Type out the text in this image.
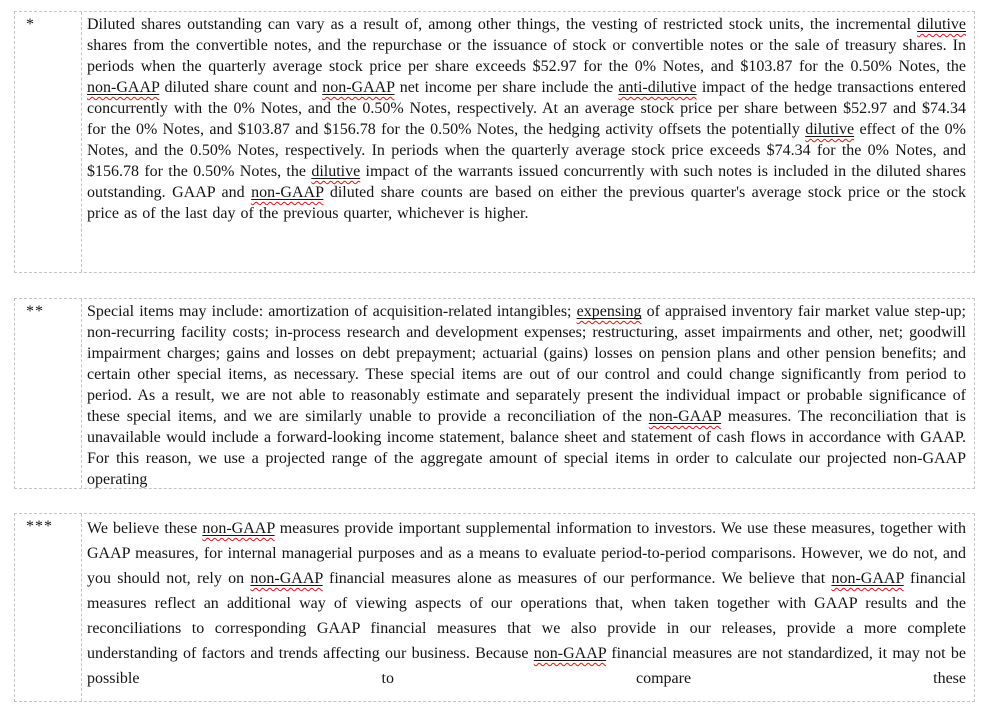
*	Diluted shares outstanding can vary as a result of, among other things, the vesting of restricted stock units, the incremental dilutive shares from the convertible notes, and the repurchase or the issuance of stock or convertible notes or the sale of treasury shares. In periods when the quarterly average stock price per share exceeds $52.97 for the 0% Notes, and $103.87 for the 0.50% Notes, the non-GAAP diluted share count and non-GAAP net income per share include the anti-dilutive impact of the hedge transactions entered concurrently with the 0% Notes, and the 0.50% Notes, respectively. At an average stock price per share between $52.97 and $74.34 for the 0% Notes, and $103.87 and $156.78 for the 0.50% Notes, the hedging activity offsets the potentially dilutive effect of the 0% Notes, and the 0.50% Notes, respectively. In periods when the quarterly average stock price exceeds $74.34 for the 0% Notes, and $156.78 for the 0.50% Notes, the dilutive impact of the warrants issued concurrently with such notes is included in the diluted shares outstanding. GAAP and non-GAAP diluted share counts are based on either the previous quarter's average stock price or the stock price as of the last day of the previous quarter, whichever is higher.

**	Special items may include: amortization of acquisition-related intangibles; expensing of appraised inventory fair market value step-up; non-recurring facility costs; in-process research and development expenses; restructuring, asset impairments and other, net; goodwill impairment charges; gains and losses on debt prepayment; actuarial (gains) losses on pension plans and other pension benefits; and certain other special items, as necessary. These special items are out of our control and could change significantly from period to period. As a result, we are not able to reasonably estimate and separately present the individual impact or probable significance of these special items, and we are similarly unable to provide a reconciliation of the non-GAAP measures. The reconciliation that is unavailable would include a forward-looking income statement, balance sheet and statement of cash flows in accordance with GAAP. For this reason, we use a projected range of the aggregate amount of special items in order to calculate our projected non-GAAP operating

***	We believe these non-GAAP measures provide important supplemental information to investors. We use these measures, together with GAAP measures, for internal managerial purposes and as a means to evaluate period-to-period comparisons. However, we do not, and you should not, rely on non-GAAP financial measures alone as measures of our performance. We believe that non-GAAP financial measures reflect an additional way of viewing aspects of our operations that, when taken together with GAAP results and the reconciliations to corresponding GAAP financial measures that we also provide in our releases, provide a more complete understanding of factors and trends affecting our business. Because non-GAAP financial measures are not standardized, it may not be possible to compare these
